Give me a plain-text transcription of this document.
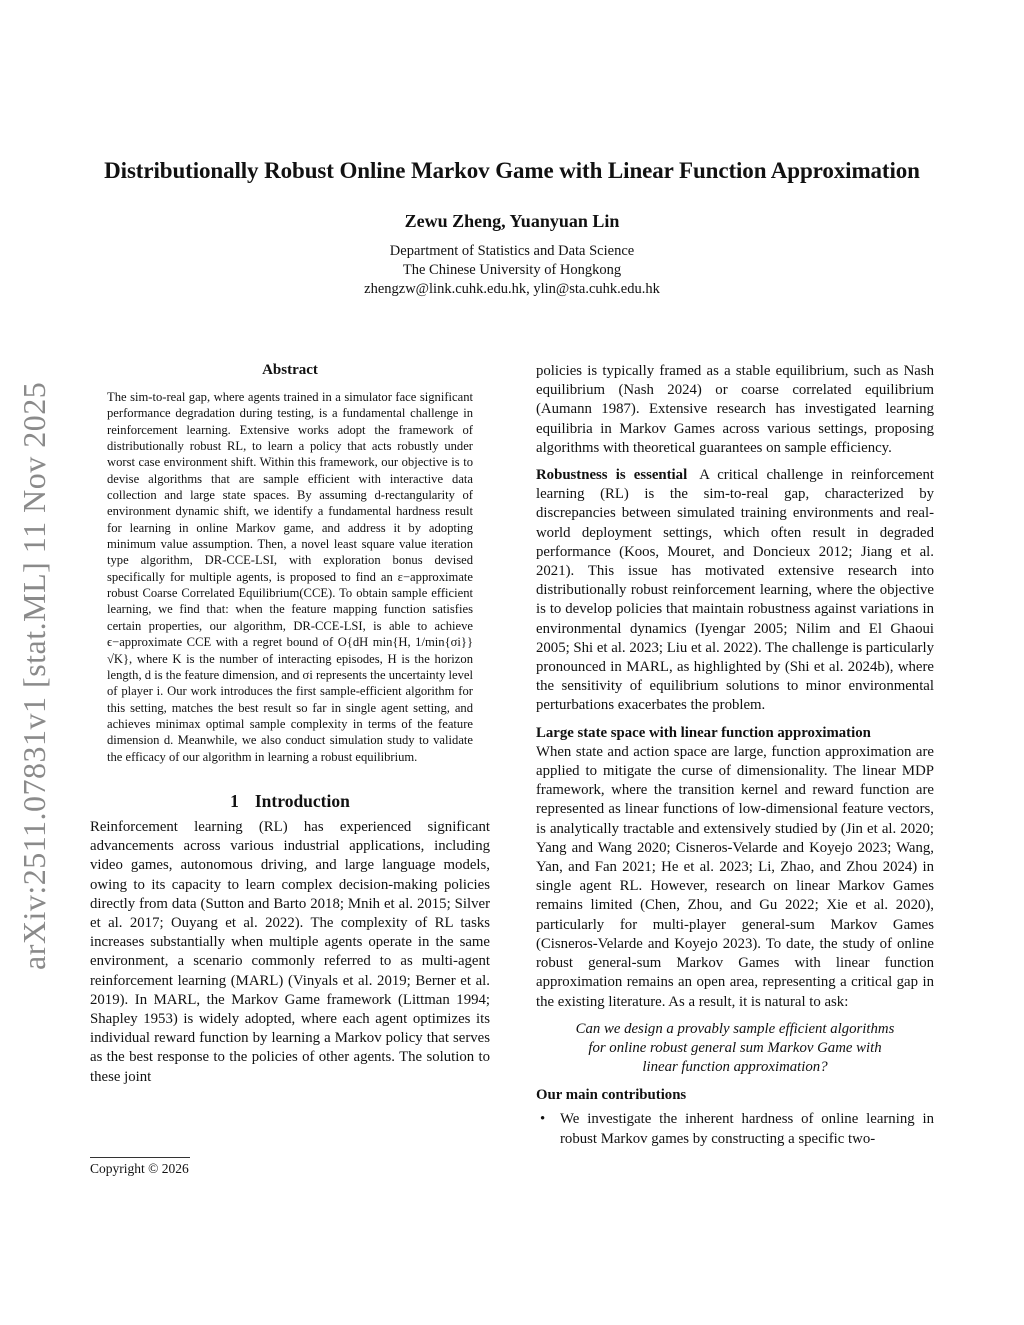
Distributionally Robust Online Markov Game with Linear Function Approximation
Zewu Zheng, Yuanyuan Lin
Department of Statistics and Data Science
The Chinese University of Hongkong
zhengzw@link.cuhk.edu.hk, ylin@sta.cuhk.edu.hk
arXiv:2511.07831v1 [stat.ML] 11 Nov 2025
Abstract

The sim-to-real gap, where agents trained in a simulator face significant performance degradation during testing, is a fundamental challenge in reinforcement learning. Extensive works adopt the framework of distributionally robust RL, to learn a policy that acts robustly under worst case environment shift. Within this framework, our objective is to devise algorithms that are sample efficient with interactive data collection and large state spaces. By assuming d-rectangularity of environment dynamic shift, we identify a fundamental hardness result for learning in online Markov game, and address it by adopting minimum value assumption. Then, a novel least square value iteration type algorithm, DR-CCE-LSI, with exploration bonus devised specifically for multiple agents, is proposed to find an ε−approximate robust Coarse Correlated Equilibrium(CCE). To obtain sample efficient learning, we find that: when the feature mapping function satisfies certain properties, our algorithm, DR-CCE-LSI, is able to achieve ϵ−approximate CCE with a regret bound of O{dH min{H, 1/min{σi}}√K}, where K is the number of interacting episodes, H is the horizon length, d is the feature dimension, and σi represents the uncertainty level of player i. Our work introduces the first sample-efficient algorithm for this setting, matches the best result so far in single agent setting, and achieves minimax optimal sample complexity in terms of the feature dimension d. Meanwhile, we also conduct simulation study to validate the efficacy of our algorithm in learning a robust equilibrium.

1 Introduction

Reinforcement learning (RL) has experienced significant advancements across various industrial applications, including video games, autonomous driving, and large language models, owing to its capacity to learn complex decision-making policies directly from data (Sutton and Barto 2018; Mnih et al. 2015; Silver et al. 2017; Ouyang et al. 2022). The complexity of RL tasks increases substantially when multiple agents operate in the same environment, a scenario commonly referred to as multi-agent reinforcement learning (MARL) (Vinyals et al. 2019; Berner et al. 2019). In MARL, the Markov Game framework (Littman 1994; Shapley 1953) is widely adopted, where each agent optimizes its individual reward function by learning a Markov policy that serves as the best response to the policies of other agents. The solution to these joint

policies is typically framed as a stable equilibrium, such as Nash equilibrium (Nash 2024) or coarse correlated equilibrium (Aumann 1987). Extensive research has investigated learning equilibria in Markov Games across various settings, proposing algorithms with theoretical guarantees on sample efficiency.

Robustness is essential A critical challenge in reinforcement learning (RL) is the sim-to-real gap, characterized by discrepancies between simulated training environments and real-world deployment settings, which often result in degraded performance (Koos, Mouret, and Doncieux 2012; Jiang et al. 2021). This issue has motivated extensive research into distributionally robust reinforcement learning, where the objective is to develop policies that maintain robustness against variations in environmental dynamics (Iyengar 2005; Nilim and El Ghaoui 2005; Shi et al. 2023; Liu et al. 2022). The challenge is particularly pronounced in MARL, as highlighted by (Shi et al. 2024b), where the sensitivity of equilibrium solutions to minor environmental perturbations exacerbates the problem.

Large state space with linear function approximation
When state and action space are large, function approximation are applied to mitigate the curse of dimensionality. The linear MDP framework, where the transition kernel and reward function are represented as linear functions of low-dimensional feature vectors, is analytically tractable and extensively studied by (Jin et al. 2020; Yang and Wang 2020; Cisneros-Velarde and Koyejo 2023; Wang, Yan, and Fan 2021; He et al. 2023; Li, Zhao, and Zhou 2024) in single agent RL. However, research on linear Markov Games remains limited (Chen, Zhou, and Gu 2022; Xie et al. 2020), particularly for multi-player general-sum Markov Games (Cisneros-Velarde and Koyejo 2023). To date, the study of online robust general-sum Markov Games with linear function approximation remains an open area, representing a critical gap in the existing literature. As a result, it is natural to ask:

Can we design a provably sample efficient algorithms
for online robust general sum Markov Game with
linear function approximation?
Our main contributions
•	We investigate the inherent hardness of online learning in robust Markov games by constructing a specific two-
Copyright © 2026
